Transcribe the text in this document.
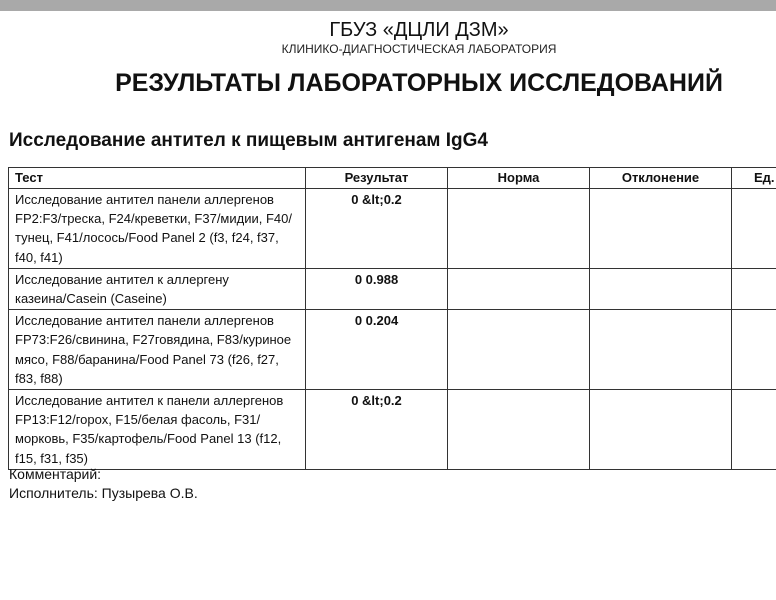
ГБУЗ «ДЦЛИ ДЗМ»
КЛИНИКО-ДИАГНОСТИЧЕСКАЯ ЛАБОРАТОРИЯ
РЕЗУЛЬТАТЫ ЛАБОРАТОРНЫХ ИССЛЕДОВАНИЙ
Исследование антител к пищевым антигенам IgG4
Тест	Результат	Норма	Отклонение	Ед.
Исследование антител панели аллергенов FP2:F3/треска, F24/креветки, F37/мидии, F40/тунец, F41/лосось/Food Panel 2 (f3, f24, f37, f40, f41)	0 &lt;0.2			
Исследование антител к аллергену казеина/Casein (Caseine)	0 0.988			
Исследование антител панели аллергенов FP73:F26/свинина, F27говядина, F83/куриное мясо, F88/баранина/Food Panel 73 (f26, f27, f83, f88)	0 0.204			
Исследование антител к панели аллергенов FP13:F12/горох, F15/белая фасоль, F31/морковь, F35/картофель/Food Panel 13 (f12, f15, f31, f35)	0 &lt;0.2			
Комментарий:
Исполнитель: Пузырева О.В.
